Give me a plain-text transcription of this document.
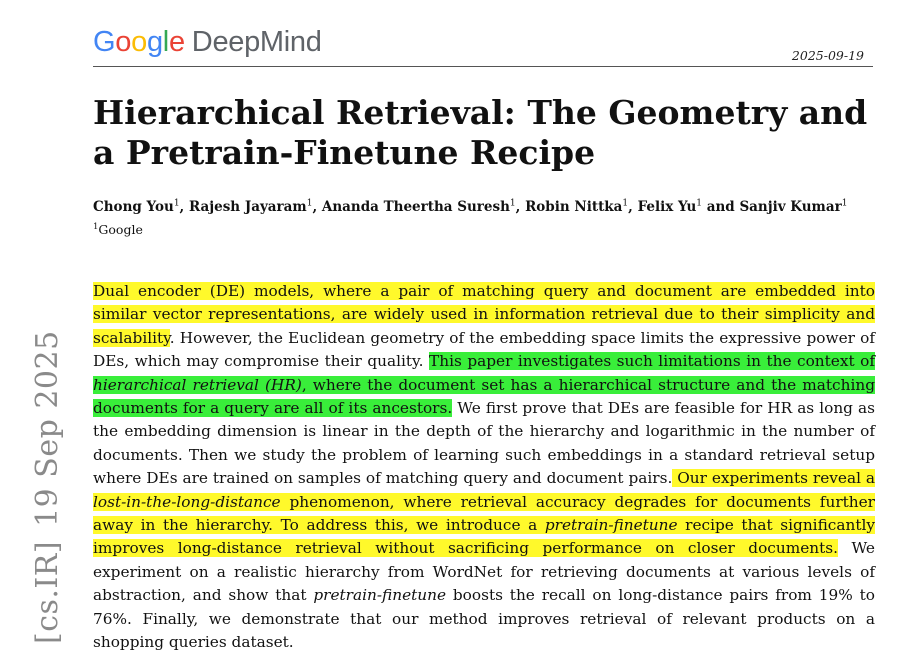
Google DeepMind	2025-09-19
Hierarchical Retrieval: The Geometry and a Pretrain-Finetune Recipe
Chong You$^1$, Rajesh Jayaram$^1$, Ananda Theertha Suresh$^1$, Robin Nittka$^1$, Felix Yu$^1$ and Sanjiv Kumar$^1$
$^1$Google

Dual encoder (DE) models, where a pair of matching query and document are embedded into similar vector representations, are widely used in information retrieval due to their simplicity and scalability. However, the Euclidean geometry of the embedding space limits the expressive power of DEs, which may compromise their quality. This paper investigates such limitations in the context of hierarchical retrieval (HR), where the document set has a hierarchical structure and the matching documents for a query are all of its ancestors. We first prove that DEs are feasible for HR as long as the embedding dimension is linear in the depth of the hierarchy and logarithmic in the number of documents. Then we study the problem of learning such embeddings in a standard retrieval setup where DEs are trained on samples of matching query and document pairs. Our experiments reveal a lost-in-the-long-distance phenomenon, where retrieval accuracy degrades for documents further away in the hierarchy. To address this, we introduce a pretrain-finetune recipe that significantly improves long-distance retrieval without sacrificing performance on closer documents. We experiment on a realistic hierarchy from WordNet for retrieving documents at various levels of abstraction, and show that pretrain-finetune boosts the recall on long-distance pairs from 19% to 76%. Finally, we demonstrate that our method improves retrieval of relevant products on a shopping queries dataset.

[cs.IR]19 Sep 2025
